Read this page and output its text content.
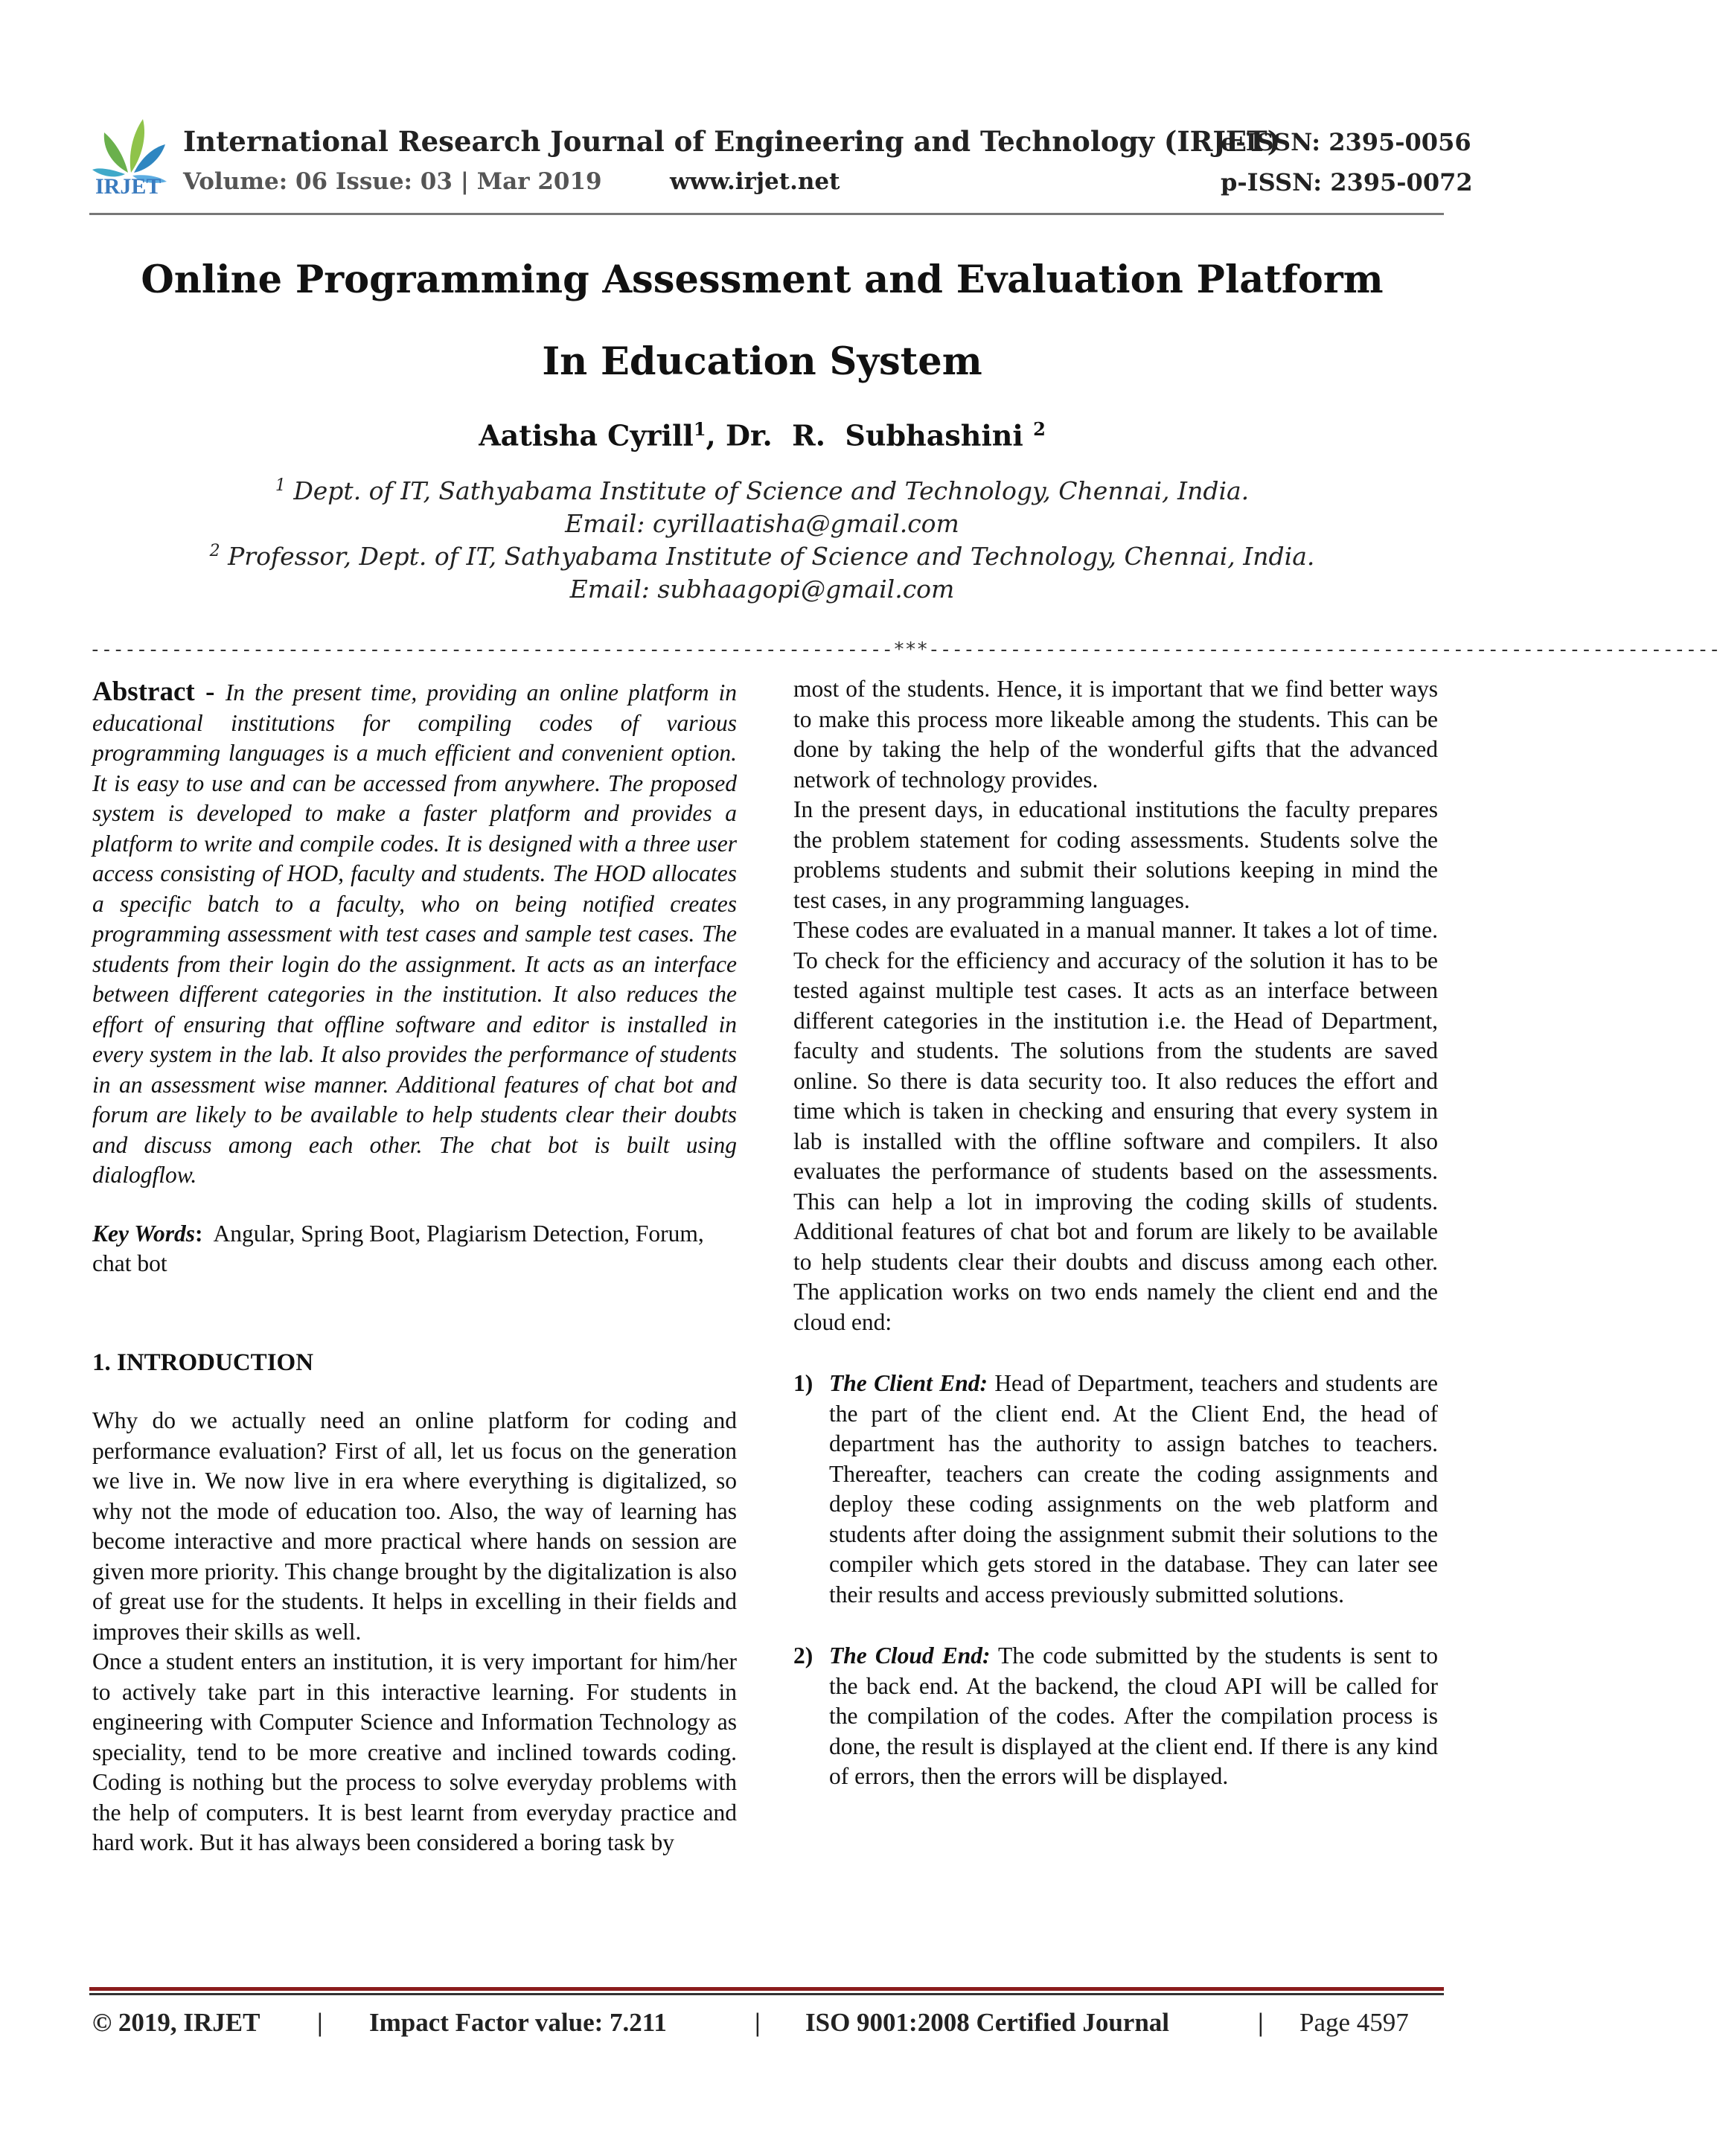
IRJET
International Research Journal of Engineering and Technology (IRJET)
Volume: 06 Issue: 03 | Mar 2019	www.irjet.net
e-ISSN: 2395-0056
p-ISSN: 2395-0072
Online Programming Assessment and Evaluation Platform
In Education System
Aatisha Cyrill$^1$, Dr.  R.  Subhashini $^2$
$^1$ Dept. of IT, Sathyabama Institute of Science and Technology, Chennai, India.
Email: cyrillaatisha@gmail.com
$^2$ Professor, Dept. of IT, Sathyabama Institute of Science and Technology, Chennai, India.
Email: subhaagopi@gmail.com
---------------------------------------------------------------------***--------------------------------------------------------------------

Abstract - In the present time, providing an online platform in educational institutions for compiling codes of various programming languages is a much efficient and convenient option. It is easy to use and can be accessed from anywhere. The proposed system is developed to make a faster platform and provides a platform to write and compile codes. It is designed with a three user access consisting of HOD, faculty and students. The HOD allocates a specific batch to a faculty, who on being notified creates programming assessment with test cases and sample test cases. The students from their login do the assignment. It acts as an interface between different categories in the institution. It also reduces the effort of ensuring that offline software and editor is installed in every system in the lab. It also provides the performance of students in an assessment wise manner. Additional features of chat bot and forum are likely to be available to help students clear their doubts and discuss among each other. The chat bot is built using dialogflow.

Key Words:  Angular, Spring Boot, Plagiarism Detection, Forum, chat bot

1. INTRODUCTION

Why do we actually need an online platform for coding and performance evaluation? First of all, let us focus on the generation we live in. We now live in era where everything is digitalized, so why not the mode of education too. Also, the way of learning has become interactive and more practical where hands on session are given more priority. This change brought by the digitalization is also of great use for the students. It helps in excelling in their fields and improves their skills as well.

Once a student enters an institution, it is very important for him/her to actively take part in this interactive learning. For students in engineering with Computer Science and Information Technology as speciality, tend to be more creative and inclined towards coding. Coding is nothing but the process to solve everyday problems with the help of computers. It is best learnt from everyday practice and hard work. But it has always been considered a boring task by

most of the students. Hence, it is important that we find better ways to make this process more likeable among the students. This can be done by taking the help of the wonderful gifts that the advanced network of technology provides.

In the present days, in educational institutions the faculty prepares the problem statement for coding assessments. Students solve the problems students and submit their solutions keeping in mind the test cases, in any programming languages.

These codes are evaluated in a manual manner. It takes a lot of time. To check for the efficiency and accuracy of the solution it has to be tested against multiple test cases. It acts as an interface between different categories in the institution i.e. the Head of Department, faculty and students. The solutions from the students are saved online. So there is data security too. It also reduces the effort and time which is taken in checking and ensuring that every system in lab is installed with the offline software and compilers. It also evaluates the performance of students based on the assessments. This can help a lot in improving the coding skills of students. Additional features of chat bot and forum are likely to be available to help students clear their doubts and discuss among each other. The application works on two ends namely the client end and the cloud end:

1) The Client End: Head of Department, teachers and students are the part of the client end. At the Client End, the head of department has the authority to assign batches to teachers. Thereafter, teachers can create the coding assignments and deploy these coding assignments on the web platform and students after doing the assignment submit their solutions to the compiler which gets stored in the database. They can later see their results and access previously submitted solutions.
2) The Cloud End: The code submitted by the students is sent to the back end. At the backend, the cloud API will be called for the compilation of the codes. After the compilation process is done, the result is displayed at the client end. If there is any kind of errors, then the errors will be displayed.
© 2019, IRJET | Impact Factor value: 7.211	| ISO 9001:2008 Certified Journal	| Page 4597
